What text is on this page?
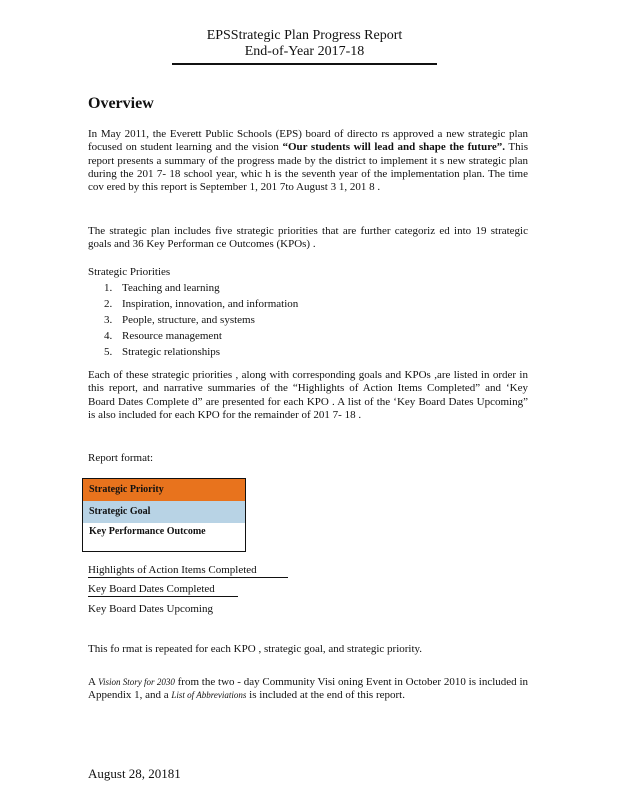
EPSStrategic Plan Progress Report
End-of-Year 2017-18
Overview
In May 2011, the Everett Public Schools (EPS) board of directo rs approved a new strategic plan focused on student learning and the vision “Our students will lead and shape the future”. This report presents a summary of the progress made by the district to implement it s new strategic plan during the 201 7- 18 school year, whic h is the seventh year of the implementation plan. The time cov ered by this report is September 1, 201 7to August 3 1, 201 8 .
The strategic plan includes five strategic priorities that are further categoriz ed into 19 strategic goals and 36 Key Performan ce Outcomes (KPOs) .
Strategic Priorities
1. Teaching and learning
2. Inspiration, innovation, and information
3. People, structure, and systems
4. Resource management
5. Strategic relationships
Each of these strategic priorities , along with corresponding goals and KPOs ,are listed in order in this report, and narrative summaries of the “Highlights of Action Items Completed” and ‘Key Board Dates Complete d” are presented for each KPO . A list of the ‘Key Board Dates Upcoming” is also included for each KPO for the remainder of 201 7- 18 .
Report format:
Strategic Priority
Strategic Goal
Key Performance Outcome
Highlights of Action Items Completed
Key Board Dates Completed
Key Board Dates Upcoming
This fo rmat is repeated for each KPO , strategic goal, and strategic priority.
A Vision Story for 2030 from the two - day Community Visi oning Event in October 2010 is included in Appendix 1, and a List of Abbreviations is included at the end of this report.
August 28, 20181
